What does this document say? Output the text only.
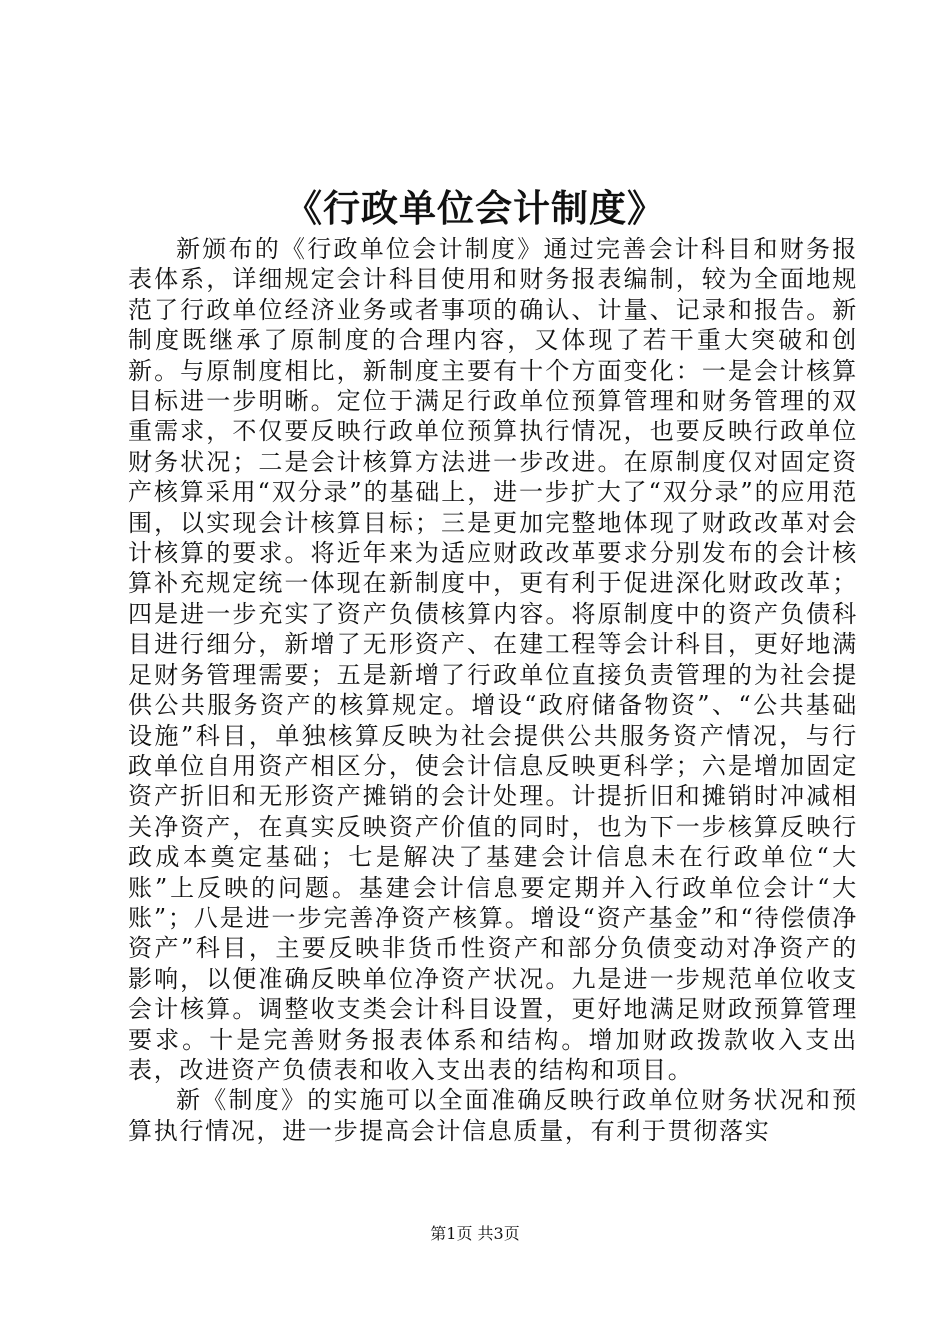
《行政单位会计制度》

新颁布的《行政单位会计制度》通过完善会计科目和财务报表体系，详细规定会计科目使用和财务报表编制，较为全面地规范了行政单位经济业务或者事项的确认、计量、记录和报告。新制度既继承了原制度的合理内容，又体现了若干重大突破和创新。与原制度相比，新制度主要有十个方面变化：一是会计核算目标进一步明晰。定位于满足行政单位预算管理和财务管理的双重需求，不仅要反映行政单位预算执行情况，也要反映行政单位财务状况；二是会计核算方法进一步改进。在原制度仅对固定资产核算采用“双分录”的基础上，进一步扩大了“双分录”的应用范围，以实现会计核算目标；三是更加完整地体现了财政改革对会计核算的要求。将近年来为适应财政改革要求分别发布的会计核算补充规定统一体现在新制度中，更有利于促进深化财政改革；四是进一步充实了资产负债核算内容。将原制度中的资产负债科目进行细分，新增了无形资产、在建工程等会计科目，更好地满足财务管理需要；五是新增了行政单位直接负责管理的为社会提供公共服务资产的核算规定。增设“政府储备物资”、“公共基础设施”科目，单独核算反映为社会提供公共服务资产情况，与行政单位自用资产相区分，使会计信息反映更科学；六是增加固定资产折旧和无形资产摊销的会计处理。计提折旧和摊销时冲减相关净资产，在真实反映资产价值的同时，也为下一步核算反映行政成本奠定基础；七是解决了基建会计信息未在行政单位“大账”上反映的问题。基建会计信息要定期并入行政单位会计“大账”；八是进一步完善净资产核算。增设“资产基金”和“待偿债净资产”科目，主要反映非货币性资产和部分负债变动对净资产的影响，以便准确反映单位净资产状况。九是进一步规范单位收支会计核算。调整收支类会计科目设置，更好地满足财政预算管理要求。十是完善财务报表体系和结构。增加财政拨款收入支出表，改进资产负债表和收入支出表的结构和项目。

新《制度》的实施可以全面准确反映行政单位财务状况和预算执行情况，进一步提高会计信息质量，有利于贯彻落实

第1页 共3页
